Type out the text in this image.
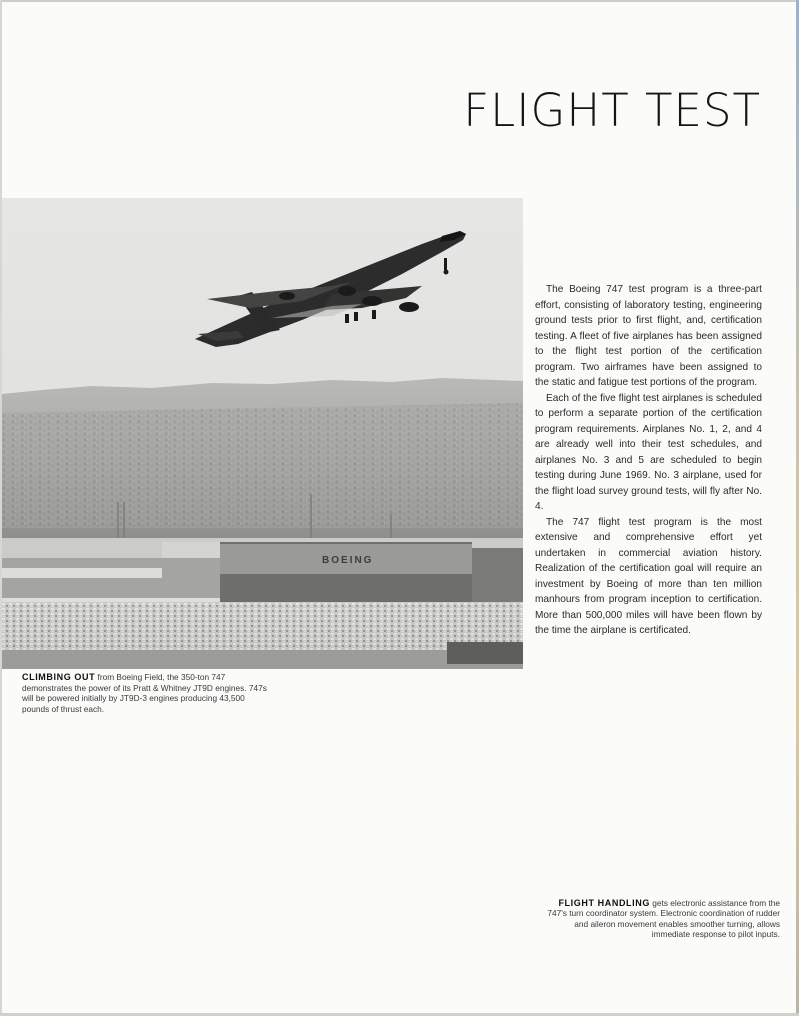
FLIGHT TEST
BOEING
CLIMBING OUT from Boeing Field, the 350-ton 747 demonstrates the power of its Pratt & Whitney JT9D engines. 747s will be powered initially by JT9D-3 engines producing 43,500 pounds of thrust each.

The Boeing 747 test program is a three-part effort, consisting of laboratory testing, engineering ground tests prior to first flight, and, certification testing. A fleet of five airplanes has been assigned to the flight test portion of the certification program. Two airframes have been assigned to the static and fatigue test portions of the program.

Each of the five flight test airplanes is scheduled to perform a separate portion of the certification program requirements. Airplanes No. 1, 2, and 4 are already well into their test schedules, and airplanes No. 3 and 5 are scheduled to begin testing during June 1969. No. 3 airplane, used for the flight load survey ground tests, will fly after No. 4.

The 747 flight test program is the most extensive and comprehensive effort yet undertaken in commercial aviation history. Realization of the certification goal will require an investment by Boeing of more than ten million manhours from program inception to certification. More than 500,000 miles will have been flown by the time the airplane is certificated.

FLIGHT HANDLING gets electronic assistance from the 747's turn coordinator system. Electronic coordination of rudder and aileron movement enables smoother turning, allows immediate response to pilot inputs.
